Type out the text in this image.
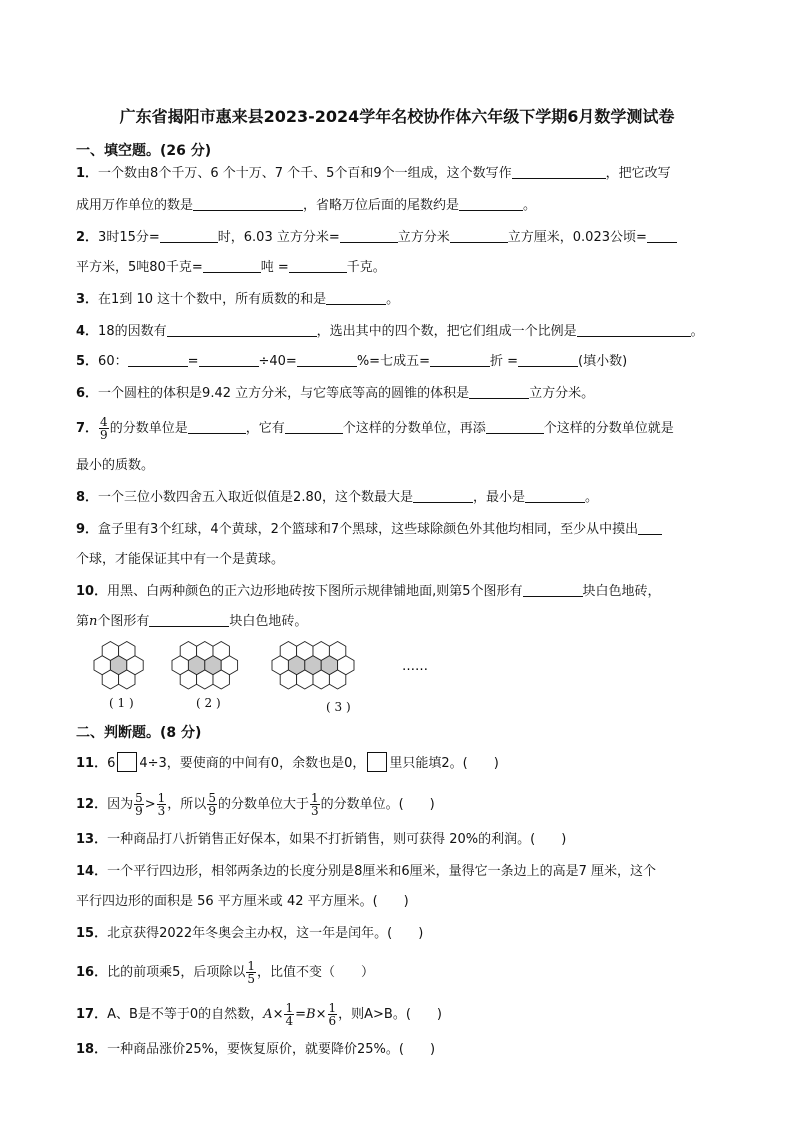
广东省揭阳市惠来县2023-2024学年名校协作体六年级下学期6月数学测试卷
一、填空题。(26 分)
1．一个数由8个千万、6 个十万、7 个千、5个百和9个一组成，这个数写作	，把它改写
成用万作单位的数是	，省略万位后面的尾数约是	。
2．3时15分=	时，6.03 立方分米=	立方分米	立方厘米，0.023公顷=
平方米，5吨80千克=	吨 =	千克。
3．在1到 10 这十个数中，所有质数的和是	。
4．18的因数有	，选出其中的四个数，把它们组成一个比例是	。
5．60：	=	÷40=	%=七成五=	折 =	(填小数)
6．一个圆柱的体积是9.42 立方分米，与它等底等高的圆锥的体积是	立方分米。
7． $\frac{4}{9}$ 的分数单位是	，它有	个这样的分数单位，再添	个这样的分数单位就是
最小的质数。
8．一个三位小数四舍五入取近似值是2.80，这个数最大是	，最小是	。
9．盒子里有3个红球，4个黄球，2个篮球和7个黑球，这些球除颜色外其他均相同，至少从中摸出
个球，才能保证其中有一个是黄球。
10．用黑、白两种颜色的正六边形地砖按下图所示规律铺地面,则第5个图形有	块白色地砖，
第n个图形有	块白色地砖。
……
( 1 )	( 2 )	( 3 )
二、判断题。(8 分)
11．6 4÷3，要使商的中间有0，余数也是0， 里只能填2。(　　)
12．因为 $\frac{5}{9} > \frac{1}{3}$ ，所以 $\frac{5}{9}$ 的分数单位大于 $\frac{1}{3}$ 的分数单位。(　　)
13．一种商品打八折销售正好保本，如果不打折销售，则可获得 20%的利润。(　　)
14．一个平行四边形，相邻两条边的长度分别是8厘米和6厘米，量得它一条边上的高是7 厘米，这个
平行四边形的面积是 56 平方厘米或 42 平方厘米。(　　)
15．北京获得2022年冬奥会主办权，这一年是闰年。(　　)
16．比的前项乘5，后项除以 $\frac{1}{5}$ ，比值不变（　　）
17．A、B是不等于0的自然数，$A\times \frac{1}{4} =B\times \frac{1}{6}$ ，则A>B。(　　)
18．一种商品涨价25%，要恢复原价，就要降价25%。(　　)
